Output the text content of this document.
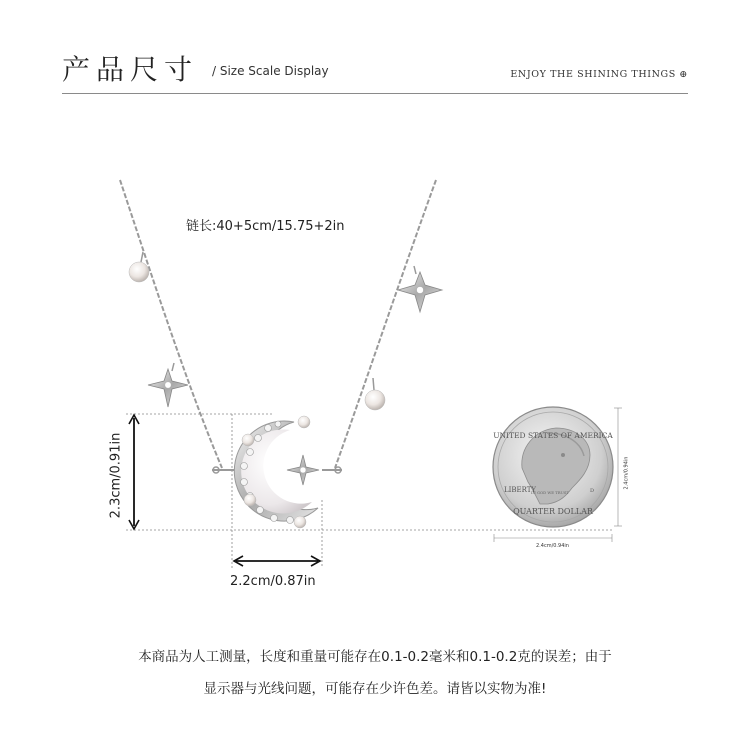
产品尺寸 / Size Scale Display	ENJOY THE SHINING THINGS ⊕
UNITED STATES OF AMERICA
LIBERTY
IN GOD WE TRUST	D
QUARTER DOLLAR
链长:40+5cm/15.75+2in
2.3cm/0.91in
2.2cm/0.87in
2.4cm/0.94in
2.4cm/0.94in
本商品为人工测量，长度和重量可能存在0.1-0.2毫米和0.1-0.2克的误差；由于
显示器与光线问题，可能存在少许色差。请皆以实物为准!
